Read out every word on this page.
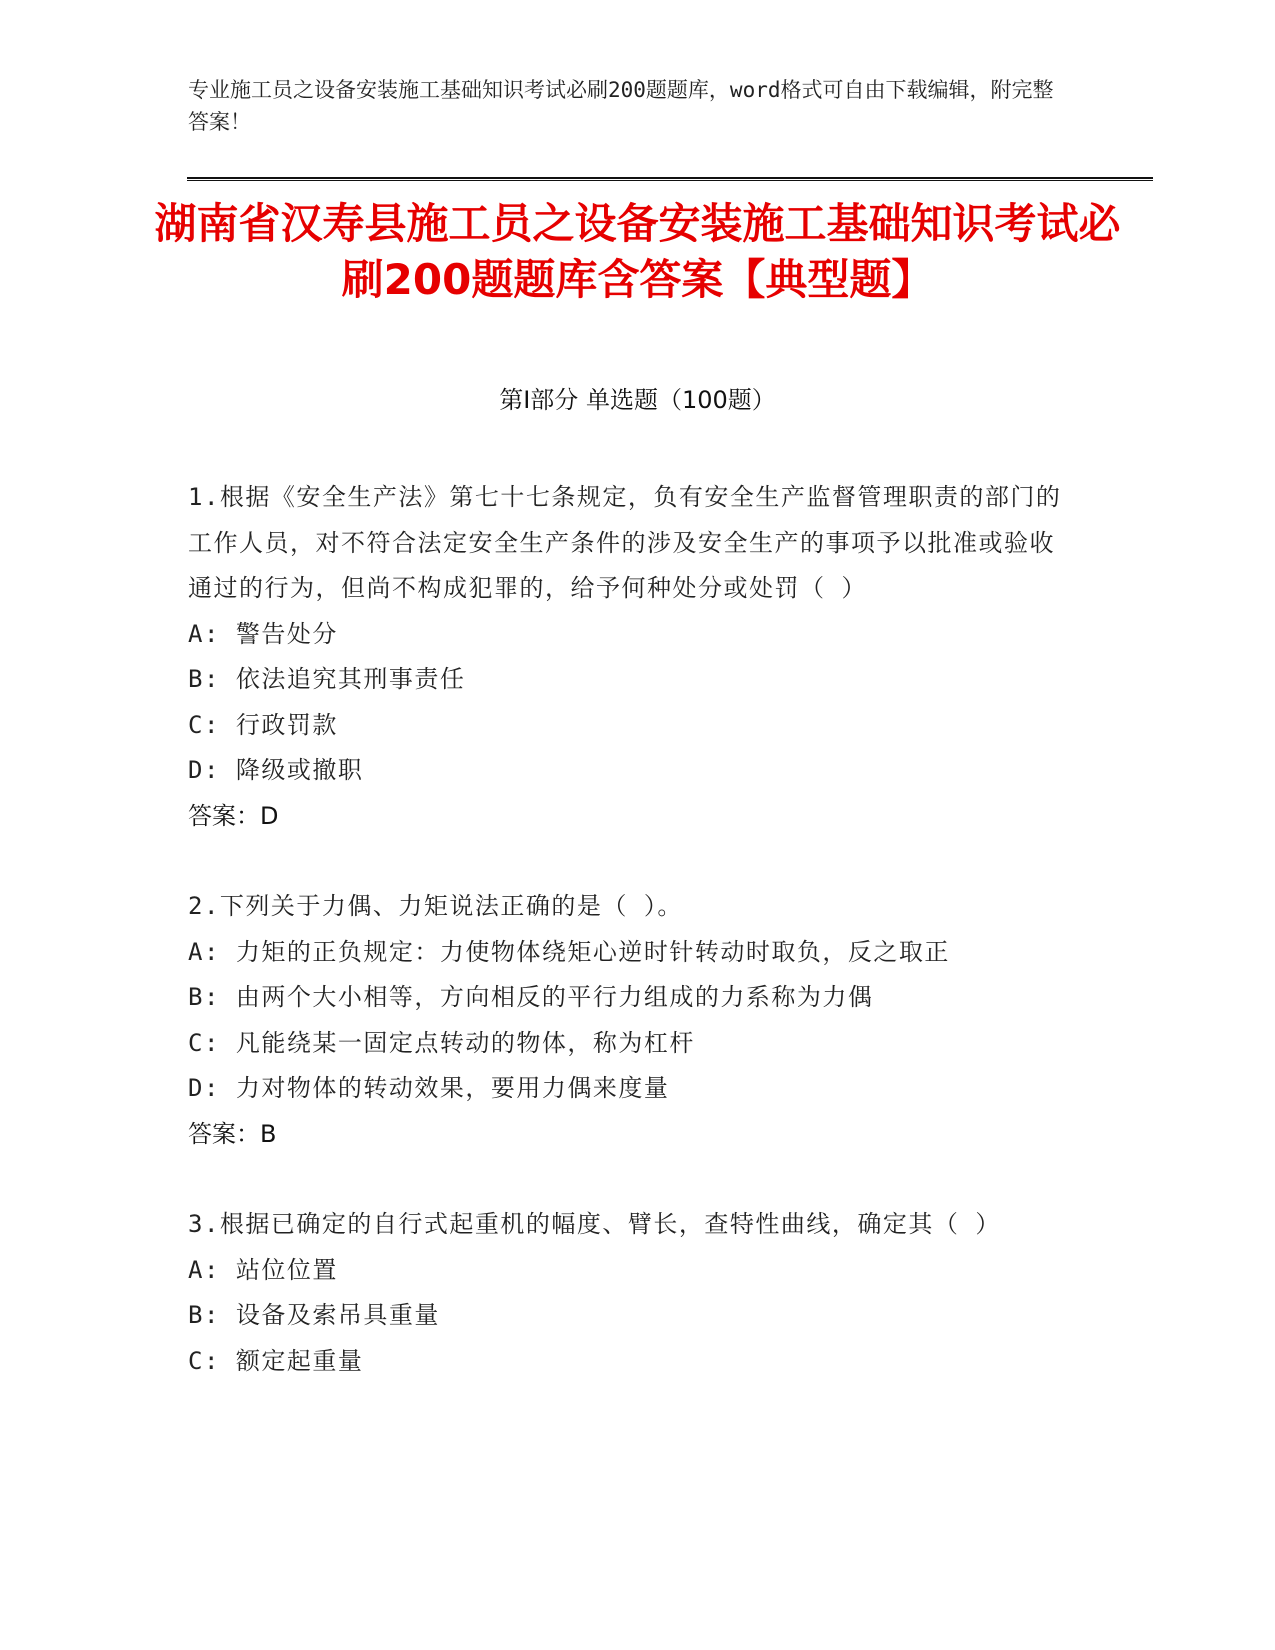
专业施工员之设备安装施工基础知识考试必刷200题题库，word格式可自由下载编辑，附完整答案！
湖南省汉寿县施工员之设备安装施工基础知识考试必刷200题题库含答案【典型题】
第Ⅰ部分 单选题（100题）
1.根据《安全生产法》第七十七条规定，负有安全生产监督管理职责的部门的工作人员，对不符合法定安全生产条件的涉及安全生产的事项予以批准或验收通过的行为，但尚不构成犯罪的，给予何种处分或处罚（ ）
A: 警告处分
B: 依法追究其刑事责任
C: 行政罚款
D: 降级或撤职
答案：D
2.下列关于力偶、力矩说法正确的是（ ）。
A: 力矩的正负规定：力使物体绕矩心逆时针转动时取负，反之取正
B: 由两个大小相等，方向相反的平行力组成的力系称为力偶
C: 凡能绕某一固定点转动的物体，称为杠杆
D: 力对物体的转动效果，要用力偶来度量
答案：B
3.根据已确定的自行式起重机的幅度、臂长，查特性曲线，确定其（ ）
A: 站位位置
B: 设备及索吊具重量
C: 额定起重量
